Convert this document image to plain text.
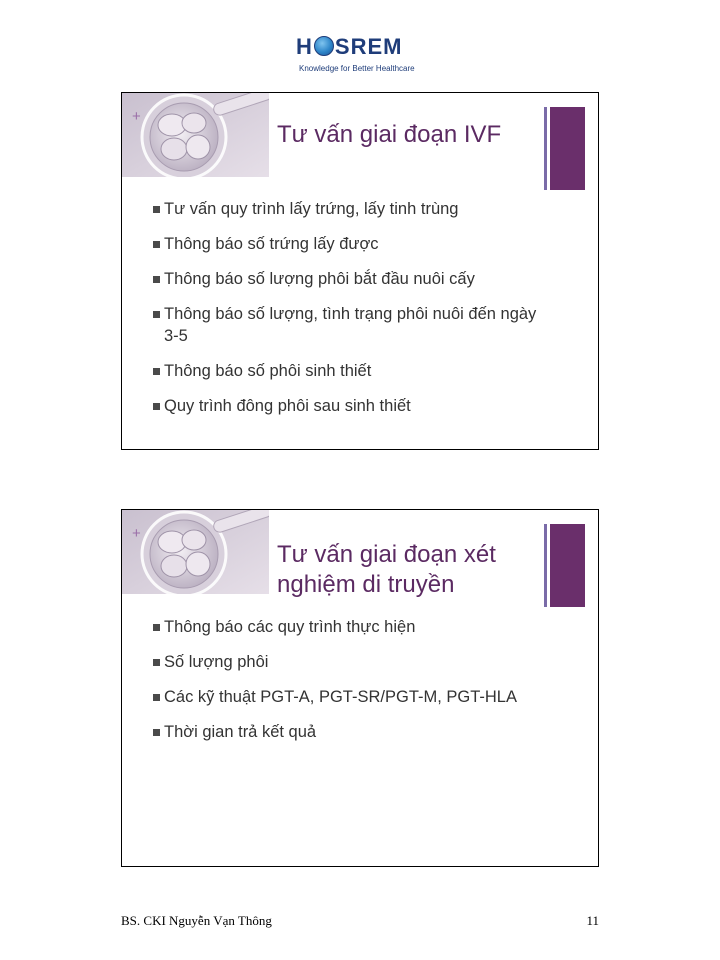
H SREM
Knowledge for Better Healthcare
+
Tư vấn giai đoạn IVF
Tư vấn quy trình lấy trứng, lấy tinh trùng
Thông báo số trứng lấy được
Thông báo số lượng phôi bắt đầu nuôi cấy
Thông báo số lượng, tình trạng phôi nuôi đến ngày 3-5
Thông báo số phôi sinh thiết
Quy trình đông phôi sau sinh thiết
+
Tư vấn giai đoạn xét nghiệm di truyền
Thông báo các quy trình thực hiện
Số lượng phôi
Các kỹ thuật PGT-A, PGT-SR/PGT-M, PGT-HLA
Thời gian trả kết quả
BS. CKI Nguyễn Vạn Thông	11
